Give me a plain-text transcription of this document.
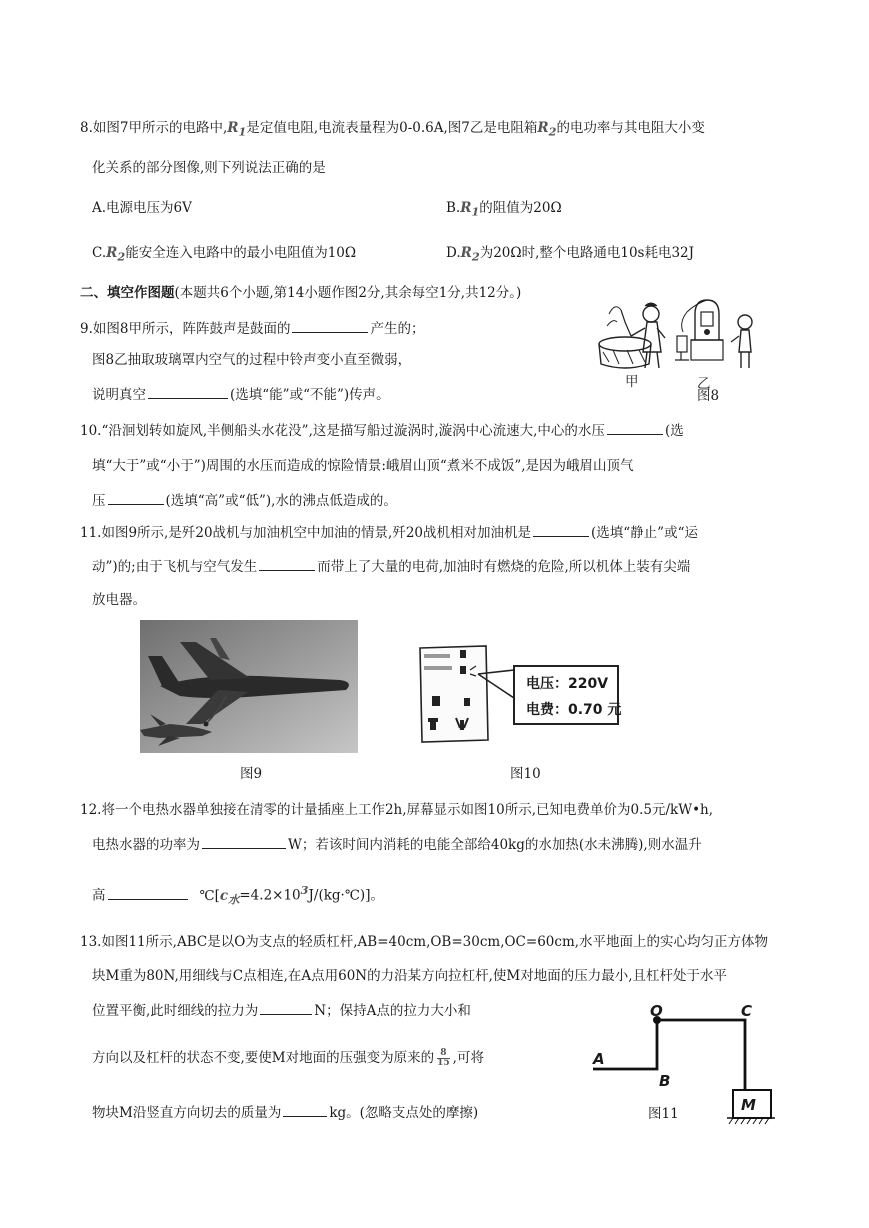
8.如图7甲所示的电路中$,R_1$是定值电阻,电流表量程为0-0.6A,图7乙是电阻箱$R_2$的电功率与其电阻大小变
化关系的部分图像,则下列说法正确的是
A.电源电压为6V	$B.R_1$的阻值为20Ω
$C.R_2$能安全连入电路中的最小电阻值为10Ω	$D.R_2$为20Ω时,整个电路通电10s耗电32J
二、填空作图题(本题共6个小题,第14小题作图2分,其余每空1分,共12分。)
9.如图8甲所示，阵阵鼓声是鼓面的	产生的；
图8乙抽取玻璃罩内空气的过程中铃声变小直至微弱，
说明真空	(选填“能”或“不能”)传声。
甲	乙
图8
10.“沿洄划转如旋风,半侧船头水花没”,这是描写船过漩涡时,漩涡中心流速大,中心的水压	(选
填“大于”或“小于”)周围的水压而造成的惊险情景:峨眉山顶“煮米不成饭”,是因为峨眉山顶气
压	(选填“高”或“低”),水的沸点低造成的。
11.如图9所示,是歼20战机与加油机空中加油的情景,歼20战机相对加油机是	(选填“静止”或“运
动”)的;由于飞机与空气发生	而带上了大量的电荷,加油时有燃烧的危险,所以机体上装有尖端
放电器。
图9
电压：220V
电费：0.70 元
图10
12.将一个电热水器单独接在清零的计量插座上工作2h,屏幕显示如图10所示,已知电费单价为0.5元/kW•h,
电热水器的功率为	W；若该时间内消耗的电能全部给40kg的水加热(水未沸腾),则水温升
高	$℃[c_水=4.2\times 10^3J/(kg\cdot℃)]$。
13.如图11所示,ABC是以O为支点的轻质杠杆,AB=40cm,OB=30cm,OC=60cm,水平地面上的实心均匀正方体物
块M重为80N,用细线与C点相连,在A点用60N的力沿某方向拉杠杆,使M对地面的压力最小,且杠杆处于水平
位置平衡,此时细线的拉力为	N；保持A点的拉力大小和
方向以及杠杆的状态不变,要使M对地面的压强变为原来的 $\frac{8}{15}$ ,可将
物块M沿竖直方向切去的质量为	kg。(忽略支点处的摩擦)
O	C
A
B
M
图11
